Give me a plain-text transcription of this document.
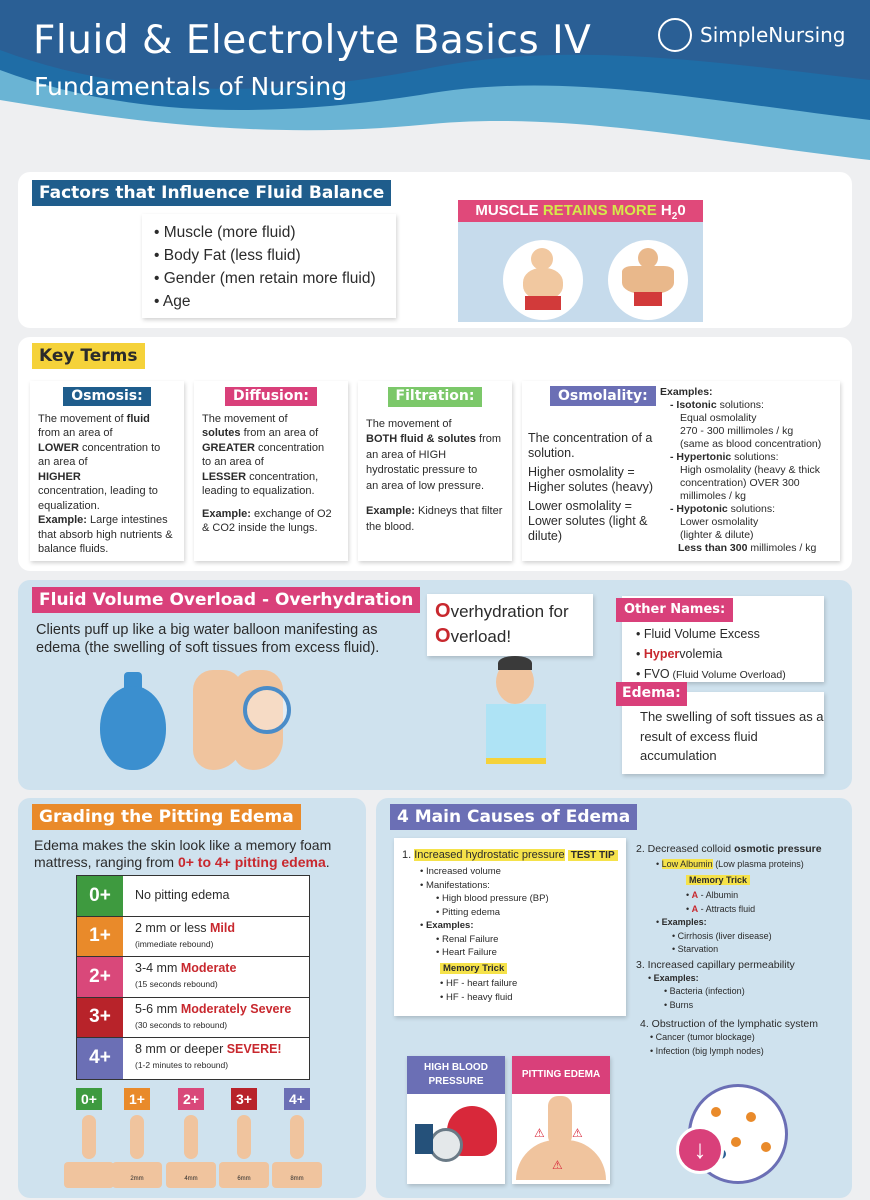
Fluid & Electrolyte Basics IV
Fundamentals of Nursing
SimpleNursing
Factors that Influence Fluid Balance
• Muscle (more fluid)
• Body Fat (less fluid)
• Gender (men retain more fluid)
• Age
MUSCLE RETAINS MORE $H_20$
Key Terms
Osmosis:
The movement of fluid
from an area of
LOWER concentration to
an area of
HIGHER
concentration, leading to
equalization.
Example: Large intestines that absorb high nutrients & balance fluids.
Diffusion:
The movement of
solutes from an area of
GREATER concentration
to an area of
LESSER concentration,
leading to equalization.
Example: exchange of O2 & CO2 inside the lungs.
Filtration:
The movement of
BOTH fluid & solutes from
an area of HIGH
hydrostatic pressure to
an area of low pressure.
Example: Kidneys that filter the blood.
Osmolality:
The concentration of a solution.
Higher osmolality = Higher solutes (heavy)
Lower osmolality = Lower solutes (light & dilute)
Examples:
- Isotonic solutions:
Equal osmolality
270 - 300 millimoles / kg
(same as blood concentration)
- Hypertonic solutions:
High osmolality (heavy & thick
concentration) OVER 300
millimoles / kg
- Hypotonic solutions:
Lower osmolality
(lighter & dilute)
Less than 300 millimoles / kg
Fluid Volume Overload - Overhydration
Clients puff up like a big water balloon manifesting as edema (the swelling of soft tissues from excess fluid).
Overhydration for
Overload!
Other Names:
• Fluid Volume Excess
• Hypervolemia
• FVO (Fluid Volume Overload)
Edema:
The swelling of soft tissues as a result of excess fluid accumulation
Grading the Pitting Edema
Edema makes the skin look like a memory foam mattress, ranging from 0+ to 4+ pitting edema.
0+	No pitting edema
1+	2 mm or less Mild
(immediate rebound)
2+	3-4 mm Moderate
(15 seconds rebound)
3+	5-6 mm Moderately Severe
(30 seconds to rebound)
4+	8 mm or deeper SEVERE!
(1-2 minutes to rebound)
0+	1+
2mm
2+
4mm
3+
6mm
4+
8mm
4 Main Causes of Edema
1. Increased hydrostatic pressure TEST TIP
• Increased volume
• Manifestations:
• High blood pressure (BP)
• Pitting edema
• Examples:
• Renal Failure
• Heart Failure
Memory Trick
• HF - heart failure
• HF - heavy fluid
2. Decreased colloid osmotic pressure
• Low Albumin (Low plasma proteins)
Memory Trick
• A - Albumin
• A - Attracts fluid
• Examples:
• Cirrhosis (liver disease)
• Starvation
3. Increased capillary permeability
• Examples:
• Bacteria (infection)
• Burns
4. Obstruction of the lymphatic system
• Cancer (tumor blockage)
• Infection (big lymph nodes)
HIGH BLOOD PRESSURE
PITTING EDEMA
⚠ ⚠
⚠
↓
